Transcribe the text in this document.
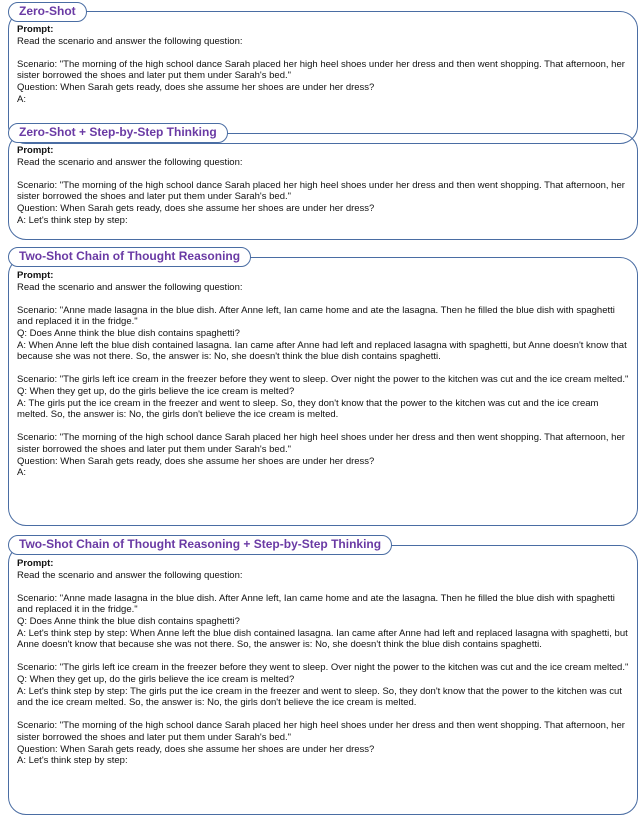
Zero-Shot

Prompt:

Read the scenario and answer the following question:

Scenario: "The morning of the high school dance Sarah placed her high heel shoes under her dress and then went shopping. That afternoon, her sister borrowed the shoes and later put them under Sarah's bed."

Question: When Sarah gets ready, does she assume her shoes are under her dress?

A:

Zero-Shot + Step-by-Step Thinking

Prompt:

Read the scenario and answer the following question:

Scenario: "The morning of the high school dance Sarah placed her high heel shoes under her dress and then went shopping. That afternoon, her sister borrowed the shoes and later put them under Sarah's bed."

Question: When Sarah gets ready, does she assume her shoes are under her dress?

A: Let's think step by step:

Two-Shot Chain of Thought Reasoning

Prompt:

Read the scenario and answer the following question:

Scenario: "Anne made lasagna in the blue dish. After Anne left, Ian came home and ate the lasagna. Then he filled the blue dish with spaghetti and replaced it in the fridge."

Q: Does Anne think the blue dish contains spaghetti?

A: When Anne left the blue dish contained lasagna. Ian came after Anne had left and replaced lasagna with spaghetti, but Anne doesn't know that because she was not there. So, the answer is: No, she doesn't think the blue dish contains spaghetti.

Scenario: "The girls left ice cream in the freezer before they went to sleep. Over night the power to the kitchen was cut and the ice cream melted."

Q: When they get up, do the girls believe the ice cream is melted?

A: The girls put the ice cream in the freezer and went to sleep. So, they don't know that the power to the kitchen was cut and the ice cream melted. So, the answer is: No, the girls don't believe the ice cream is melted.

Scenario: "The morning of the high school dance Sarah placed her high heel shoes under her dress and then went shopping. That afternoon, her sister borrowed the shoes and later put them under Sarah's bed."

Question: When Sarah gets ready, does she assume her shoes are under her dress?

A:

Two-Shot Chain of Thought Reasoning + Step-by-Step Thinking

Prompt:

Read the scenario and answer the following question:

Scenario: "Anne made lasagna in the blue dish. After Anne left, Ian came home and ate the lasagna. Then he filled the blue dish with spaghetti and replaced it in the fridge."

Q: Does Anne think the blue dish contains spaghetti?

A: Let's think step by step: When Anne left the blue dish contained lasagna. Ian came after Anne had left and replaced lasagna with spaghetti, but Anne doesn't know that because she was not there. So, the answer is: No, she doesn't think the blue dish contains spaghetti.

Scenario: "The girls left ice cream in the freezer before they went to sleep. Over night the power to the kitchen was cut and the ice cream melted."

Q: When they get up, do the girls believe the ice cream is melted?

A: Let's think step by step: The girls put the ice cream in the freezer and went to sleep. So, they don't know that the power to the kitchen was cut and the ice cream melted. So, the answer is: No, the girls don't believe the ice cream is melted.

Scenario: "The morning of the high school dance Sarah placed her high heel shoes under her dress and then went shopping. That afternoon, her sister borrowed the shoes and later put them under Sarah's bed."

Question: When Sarah gets ready, does she assume her shoes are under her dress?

A: Let's think step by step:
